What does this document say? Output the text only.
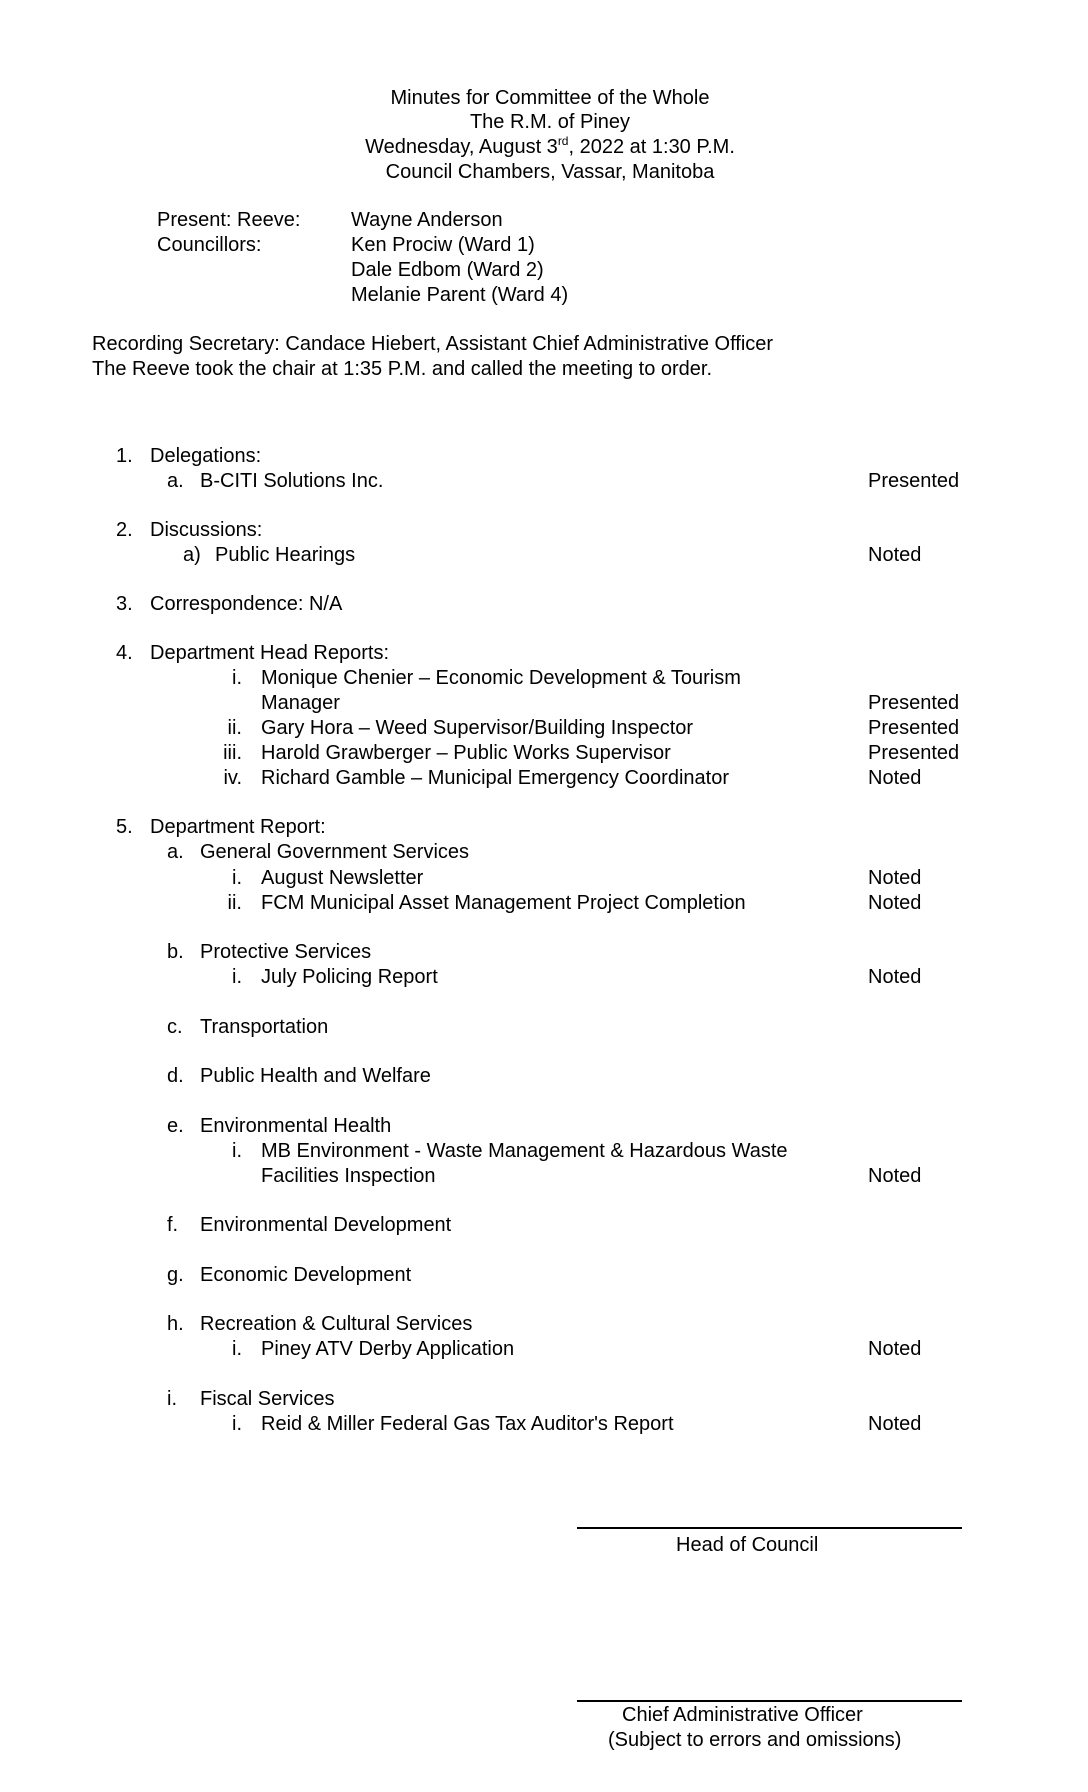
Minutes for Committee of the Whole
The R.M. of Piney
Wednesday, August 3rd, 2022 at 1:30 P.M.
Council Chambers, Vassar, Manitoba
Present: Reeve:	Wayne Anderson
Councillors:	Ken Prociw (Ward 1)
Dale Edbom (Ward 2)
Melanie Parent (Ward 4)
Recording Secretary: Candace Hiebert, Assistant Chief Administrative Officer
The Reeve took the chair at 1:35 P.M. and called the meeting to order.
1. Delegations:
a. B-CITI Solutions Inc.	Presented
2. Discussions:
a) Public Hearings	Noted
3. Correspondence: N/A
4. Department Head Reports:
i. Monique Chenier – Economic Development & Tourism
Manager	Presented
ii. Gary Hora – Weed Supervisor/Building Inspector	Presented
iii. Harold Grawberger – Public Works Supervisor	Presented
iv. Richard Gamble – Municipal Emergency Coordinator	Noted
5. Department Report:
a. General Government Services
i. August Newsletter	Noted
ii. FCM Municipal Asset Management Project Completion	Noted
b. Protective Services
i. July Policing Report	Noted
c. Transportation
d. Public Health and Welfare
e. Environmental Health
i. MB Environment - Waste Management & Hazardous Waste
Facilities Inspection	Noted
f. Environmental Development
g. Economic Development
h. Recreation & Cultural Services
i. Piney ATV Derby Application	Noted
i. Fiscal Services
i. Reid & Miller Federal Gas Tax Auditor's Report	Noted
Head of Council
Chief Administrative Officer
(Subject to errors and omissions)
